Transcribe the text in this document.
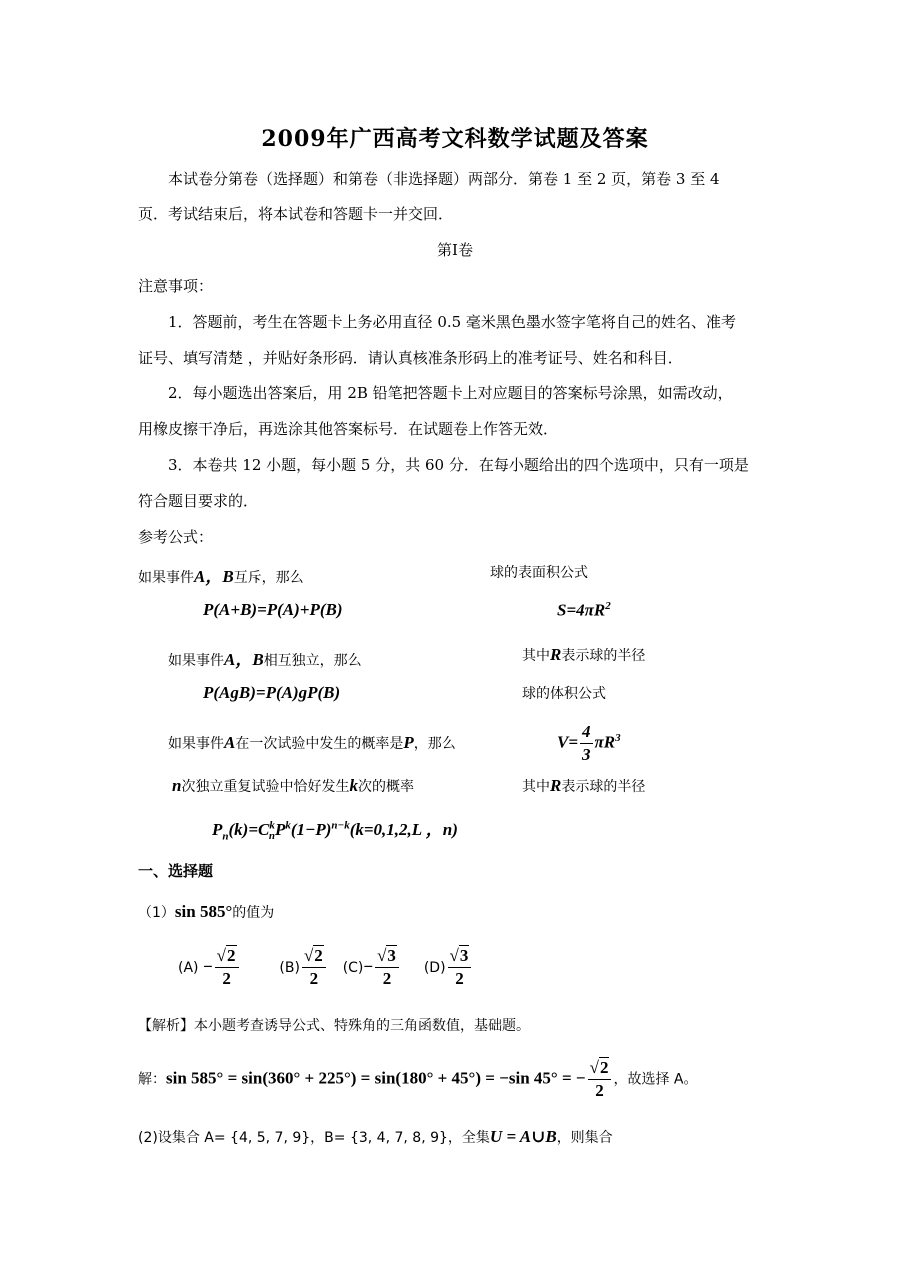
2009年广西高考文科数学试题及答案
本试卷分第卷（选择题）和第卷（非选择题）两部分．第卷 1 至 2 页，第卷 3 至 4
页．考试结束后，将本试卷和答题卡一并交回．
第Ⅰ卷
注意事项：
1．答题前，考生在答题卡上务必用直径 0.5 毫米黑色墨水签字笔将自己的姓名、准考
证号、填写清楚 ，并贴好条形码．请认真核准条形码上的准考证号、姓名和科目．
2．每小题选出答案后，用 2B 铅笔把答题卡上对应题目的答案标号涂黑，如需改动，
用橡皮擦干净后，再选涂其他答案标号．在试题卷上作答无效．
3．本卷共 12 小题，每小题 5 分，共 60 分．在每小题给出的四个选项中，只有一项是
符合题目要求的．
参考公式：
如果事件A，B互斥，那么	球的表面积公式
P(A+B)=P(A)+P(B)	$S=4\pi R^2$
如果事件A，B相互独立，那么	其中R表示球的半径
P(AgB)=P(A)gP(B)	球的体积公式
如果事件A在一次试验中发生的概率是P，那么	$V= \frac{4}{3} \pi R^3$
n次独立重复试验中恰好发生k次的概率	其中R表示球的半径
$P_n(k)=C^k_nP^k(1-P)^{n-k}(k=0,1,2,L$ ，n)
一、选择题
（1）sin 585°的值为
$(A) - \frac{√2}{2}$	$(B) \frac{√2}{2} (C)- \frac{√3}{2} (D) \frac{√3}{2}$
【解析】本小题考查诱导公式、特殊角的三角函数值，基础题。
解：sin 585° = sin(360° + 225°) = sin(180° + 45°) = −sin 45° = − $\frac{√2}{2}$ ，故选择 A。
(2)设集合 A= {4, 5, 7, 9}，B= {3, 4, 7, 8, 9}，全集U = A∪B，则集合
